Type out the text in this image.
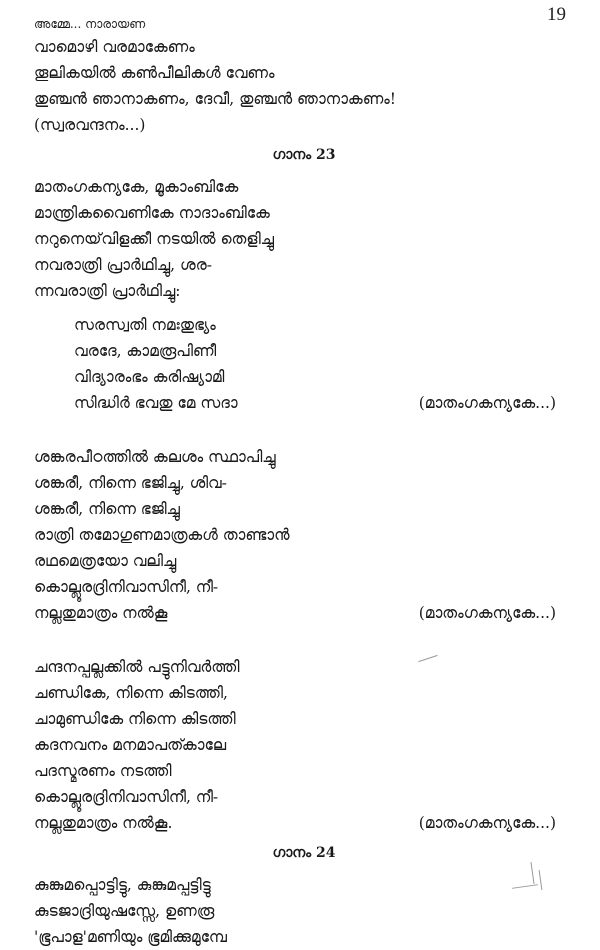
19
അമ്മേ... നാരായണ
വാമൊഴി വരമാകേണം
തൂലികയിൽ കൺപീലികൾ വേണം
തുഞ്ചൻ ഞാനാകണം, ദേവീ, തുഞ്ചൻ ഞാനാകണം!
(സ്വരവന്ദനം...)
ഗാനം 23
മാതംഗകന്യകേ, മൂകാംബികേ
മാന്ത്രികവൈണികേ നാദാംബികേ
നറുനെയ്‌വിളക്കീ നടയിൽ തെളിച്ചു
നവരാത്രി പ്രാർഥിച്ചു, ശര-
ന്നവരാത്രി പ്രാർഥിച്ചു:
സരസ്വതി നമഃതുഭ്യം
വരദേ, കാമരൂപിണീ
വിദ്യാരംഭം കരിഷ്യാമി
സിദ്ധിർ ഭവതു മേ സദാ	(മാതംഗകന്യകേ...)
ശങ്കരപീഠത്തിൽ കലശം സ്ഥാപിച്ചു
ശങ്കരീ, നിന്നെ ഭജിച്ചു, ശിവ-
ശങ്കരീ, നിന്നെ ഭജിച്ചു
രാത്രി തമോഗുണമാത്രകൾ താണ്ടാൻ
രഥമെത്രയോ വലിച്ചു
കൊല്ലൂരദ്രിനിവാസിനീ, നീ-
നല്ലതുമാത്രം നൽകൂ	(മാതംഗകന്യകേ...)
ചന്ദനപ്പല്ലക്കിൽ പട്ടുനിവർത്തി
ചണ്ഡികേ, നിന്നെ കിടത്തി,
ചാമുണ്ഡികേ നിന്നെ കിടത്തി
കദനവനം മനമാപത്കാലേ
പദസ്മരണം നടത്തി
കൊല്ലൂരദ്രിനിവാസിനീ, നീ-
നല്ലതുമാത്രം നൽകൂ.	(മാതംഗകന്യകേ...)
ഗാനം 24
കുങ്കുമപ്പൊട്ടിട്ടു, കുങ്കുമപ്പട്ടിട്ടു
കുടജാദ്രിയുഷസ്സേ, ഉണരൂ
'ഭൂപാള'മണിയും ഭൂമിക്കുമുമ്പേ
